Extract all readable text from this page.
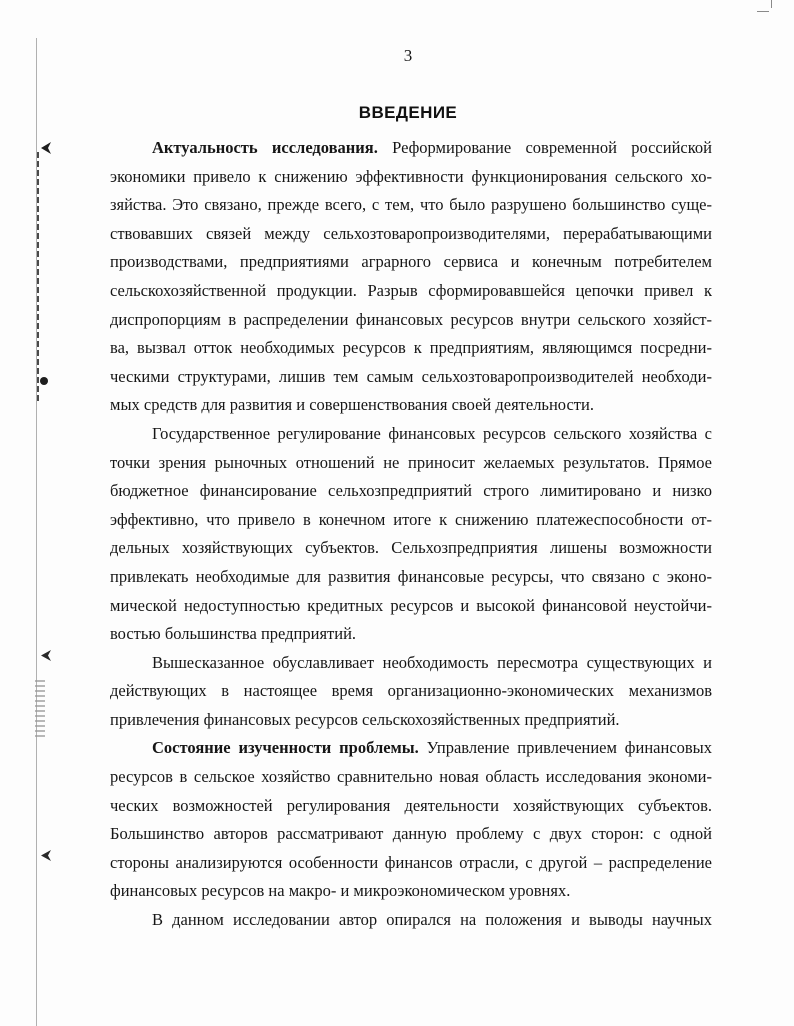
3
ВВЕДЕНИЕ
Актуальность исследования. Реформирование современной российской
экономики привело к снижению эффективности функционирования сельского хо-
зяйства. Это связано, прежде всего, с тем, что было разрушено большинство суще-
ствовавших связей между сельхозтоваропроизводителями, перерабатывающими
производствами, предприятиями аграрного сервиса и конечным потребителем
сельскохозяйственной продукции. Разрыв сформировавшейся цепочки привел к
диспропорциям в распределении финансовых ресурсов внутри сельского хозяйст-
ва, вызвал отток необходимых ресурсов к предприятиям, являющимся посредни-
ческими структурами, лишив тем самым сельхозтоваропроизводителей необходи-
мых средств для развития и совершенствования своей деятельности.
Государственное регулирование финансовых ресурсов сельского хозяйства с
точки зрения рыночных отношений не приносит желаемых результатов. Прямое
бюджетное финансирование сельхозпредприятий строго лимитировано и низко
эффективно, что привело в конечном итоге к снижению платежеспособности от-
дельных хозяйствующих субъектов. Сельхозпредприятия лишены возможности
привлекать необходимые для развития финансовые ресурсы, что связано с эконо-
мической недоступностью кредитных ресурсов и высокой финансовой неустойчи-
востью большинства предприятий.
Вышесказанное обуславливает необходимость пересмотра существующих и
действующих в настоящее время организационно-экономических механизмов
привлечения финансовых ресурсов сельскохозяйственных предприятий.
Состояние изученности проблемы. Управление привлечением финансовых
ресурсов в сельское хозяйство сравнительно новая область исследования экономи-
ческих возможностей регулирования деятельности хозяйствующих субъектов.
Большинство авторов рассматривают данную проблему с двух сторон: с одной
стороны анализируются особенности финансов отрасли, с другой – распределение
финансовых ресурсов на макро- и микроэкономическом уровнях.
В данном исследовании автор опирался на положения и выводы научных
